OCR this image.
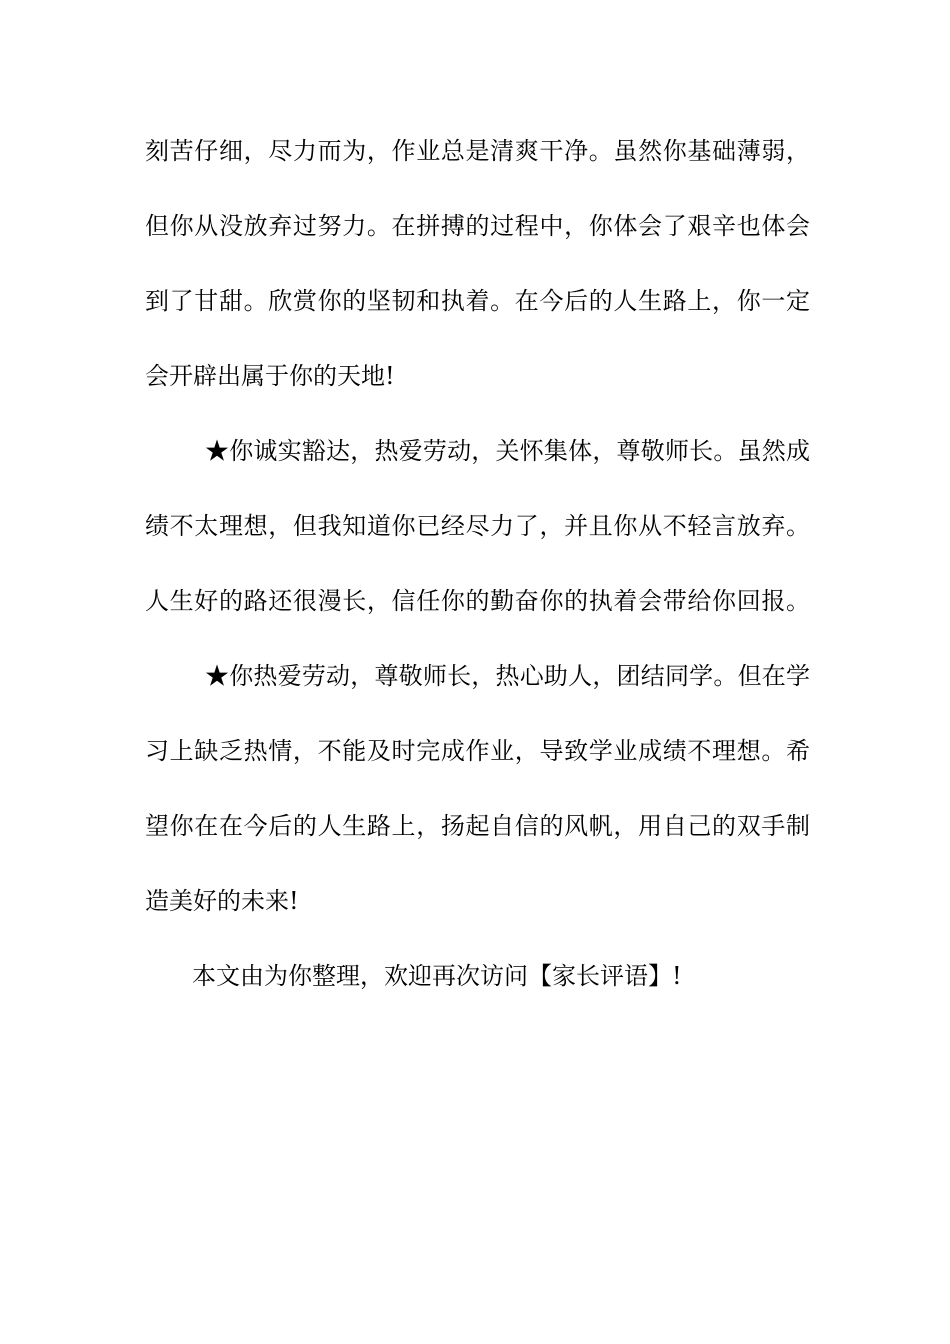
刻苦仔细，尽力而为，作业总是清爽干净。虽然你基础薄弱，
但你从没放弃过努力。在拼搏的过程中，你体会了艰辛也体会
到了甘甜。欣赏你的坚韧和执着。在今后的人生路上，你一定
会开辟出属于你的天地!
★你诚实豁达，热爱劳动，关怀集体，尊敬师长。虽然成
绩不太理想，但我知道你已经尽力了，并且你从不轻言放弃。
人生好的路还很漫长，信任你的勤奋你的执着会带给你回报。
★你热爱劳动，尊敬师长，热心助人，团结同学。但在学
习上缺乏热情，不能及时完成作业，导致学业成绩不理想。希
望你在在今后的人生路上，扬起自信的风帆，用自己的双手制
造美好的未来!
本文由为你整理，欢迎再次访问【家长评语】!
